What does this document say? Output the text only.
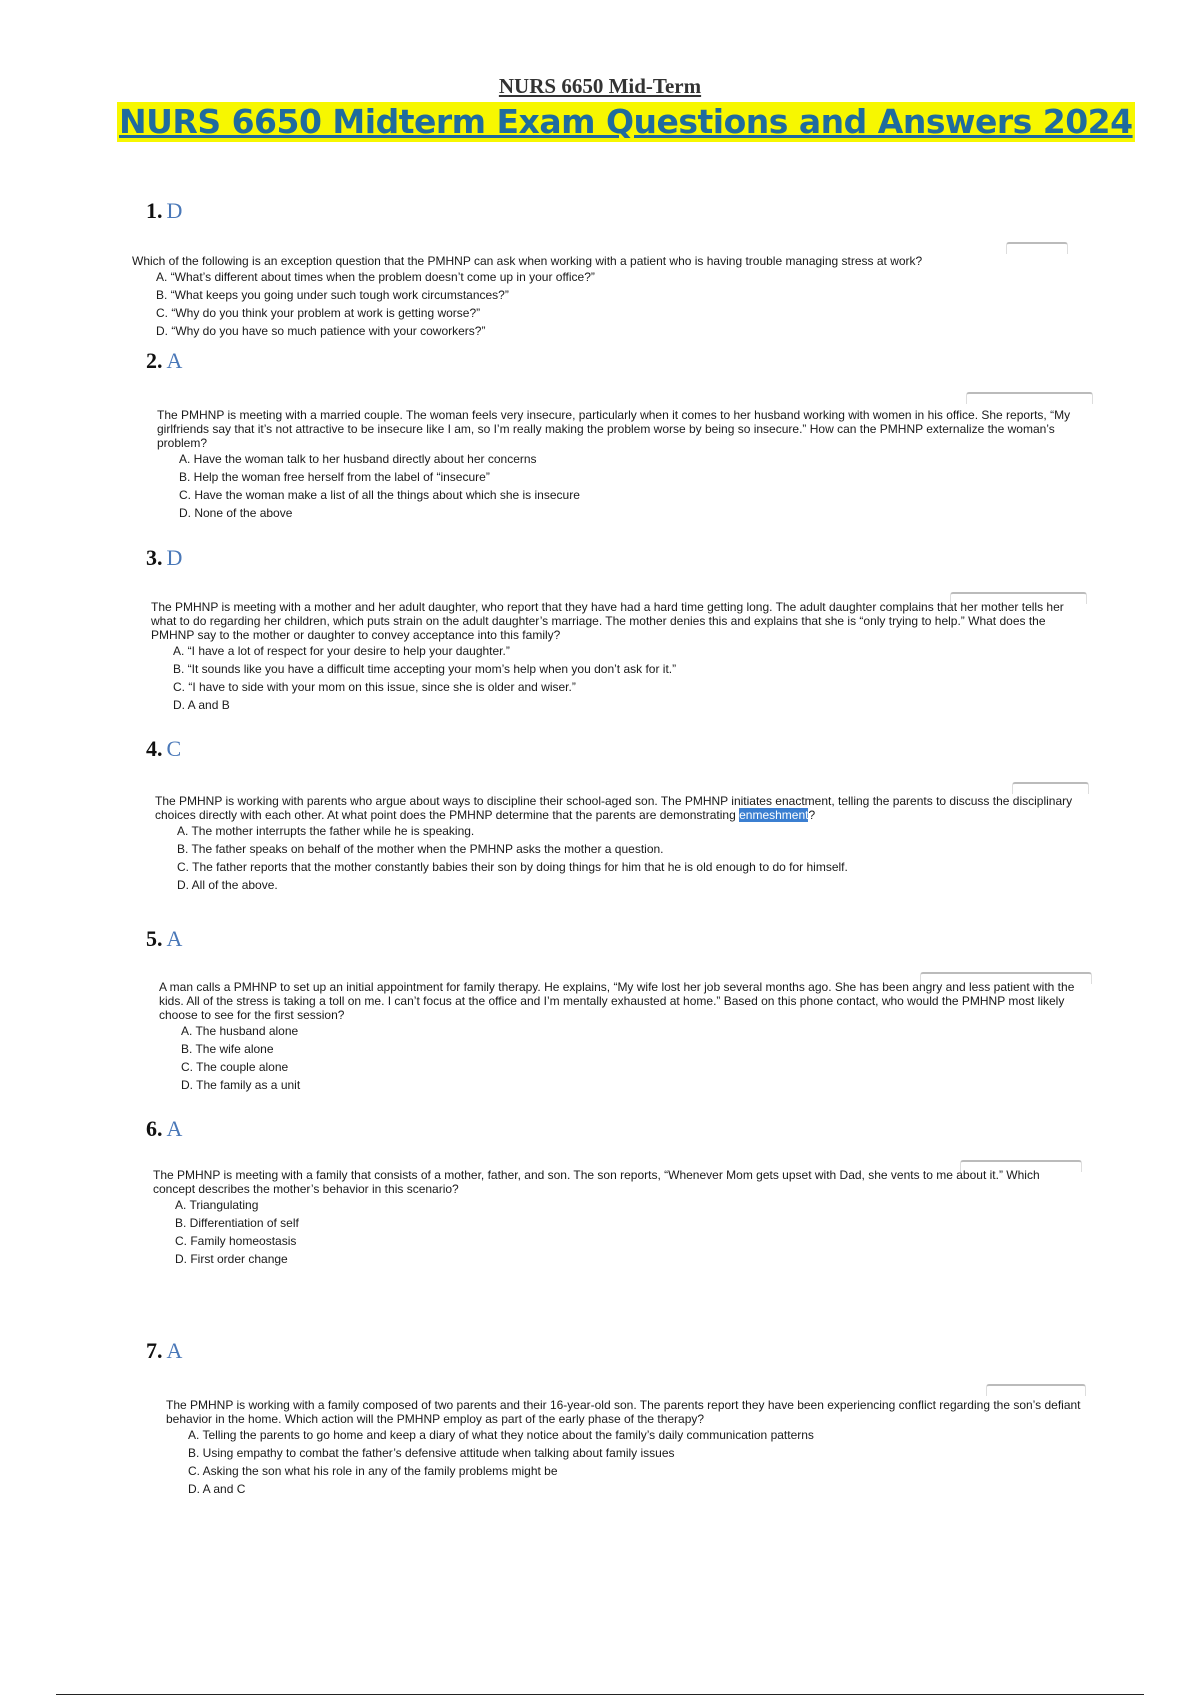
NURS 6650 Mid-Term
NURS 6650 Midterm Exam Questions and Answers 2024
1. D

Which of the following is an exception question that the PMHNP can ask when working with a patient who is having trouble managing stress at work?

A. “What’s different about times when the problem doesn’t come up in your office?”
B. “What keeps you going under such tough work circumstances?”
C. “Why do you think your problem at work is getting worse?”
D. “Why do you have so much patience with your coworkers?”
2. A

The PMHNP is meeting with a married couple. The woman feels very insecure, particularly when it comes to her husband working with women in his office. She reports, “My girlfriends say that it’s not attractive to be insecure like I am, so I’m really making the problem worse by being so insecure.” How can the PMHNP externalize the woman’s problem?

A. Have the woman talk to her husband directly about her concerns
B. Help the woman free herself from the label of “insecure”
C. Have the woman make a list of all the things about which she is insecure
D. None of the above
3. D

The PMHNP is meeting with a mother and her adult daughter, who report that they have had a hard time getting long. The adult daughter complains that her mother tells her what to do regarding her children, which puts strain on the adult daughter’s marriage. The mother denies this and explains that she is “only trying to help.” What does the PMHNP say to the mother or daughter to convey acceptance into this family?

A. “I have a lot of respect for your desire to help your daughter.”
B. “It sounds like you have a difficult time accepting your mom’s help when you don’t ask for it.”
C. “I have to side with your mom on this issue, since she is older and wiser.”
D. A and B
4. C

The PMHNP is working with parents who argue about ways to discipline their school-aged son. The PMHNP initiates enactment, telling the parents to discuss the disciplinary choices directly with each other. At what point does the PMHNP determine that the parents are demonstrating enmeshment?

A. The mother interrupts the father while he is speaking.
B. The father speaks on behalf of the mother when the PMHNP asks the mother a question.
C. The father reports that the mother constantly babies their son by doing things for him that he is old enough to do for himself.
D. All of the above.
5. A

A man calls a PMHNP to set up an initial appointment for family therapy. He explains, “My wife lost her job several months ago. She has been angry and less patient with the kids. All of the stress is taking a toll on me. I can’t focus at the office and I’m mentally exhausted at home.” Based on this phone contact, who would the PMHNP most likely choose to see for the first session?

A. The husband alone
B. The wife alone
C. The couple alone
D. The family as a unit
6. A

The PMHNP is meeting with a family that consists of a mother, father, and son. The son reports, “Whenever Mom gets upset with Dad, she vents to me about it.” Which concept describes the mother’s behavior in this scenario?

A. Triangulating
B. Differentiation of self
C. Family homeostasis
D. First order change
7. A

The PMHNP is working with a family composed of two parents and their 16-year-old son. The parents report they have been experiencing conflict regarding the son’s defiant behavior in the home. Which action will the PMHNP employ as part of the early phase of the therapy?

A. Telling the parents to go home and keep a diary of what they notice about the family’s daily communication patterns
B. Using empathy to combat the father’s defensive attitude when talking about family issues
C. Asking the son what his role in any of the family problems might be
D. A and C
